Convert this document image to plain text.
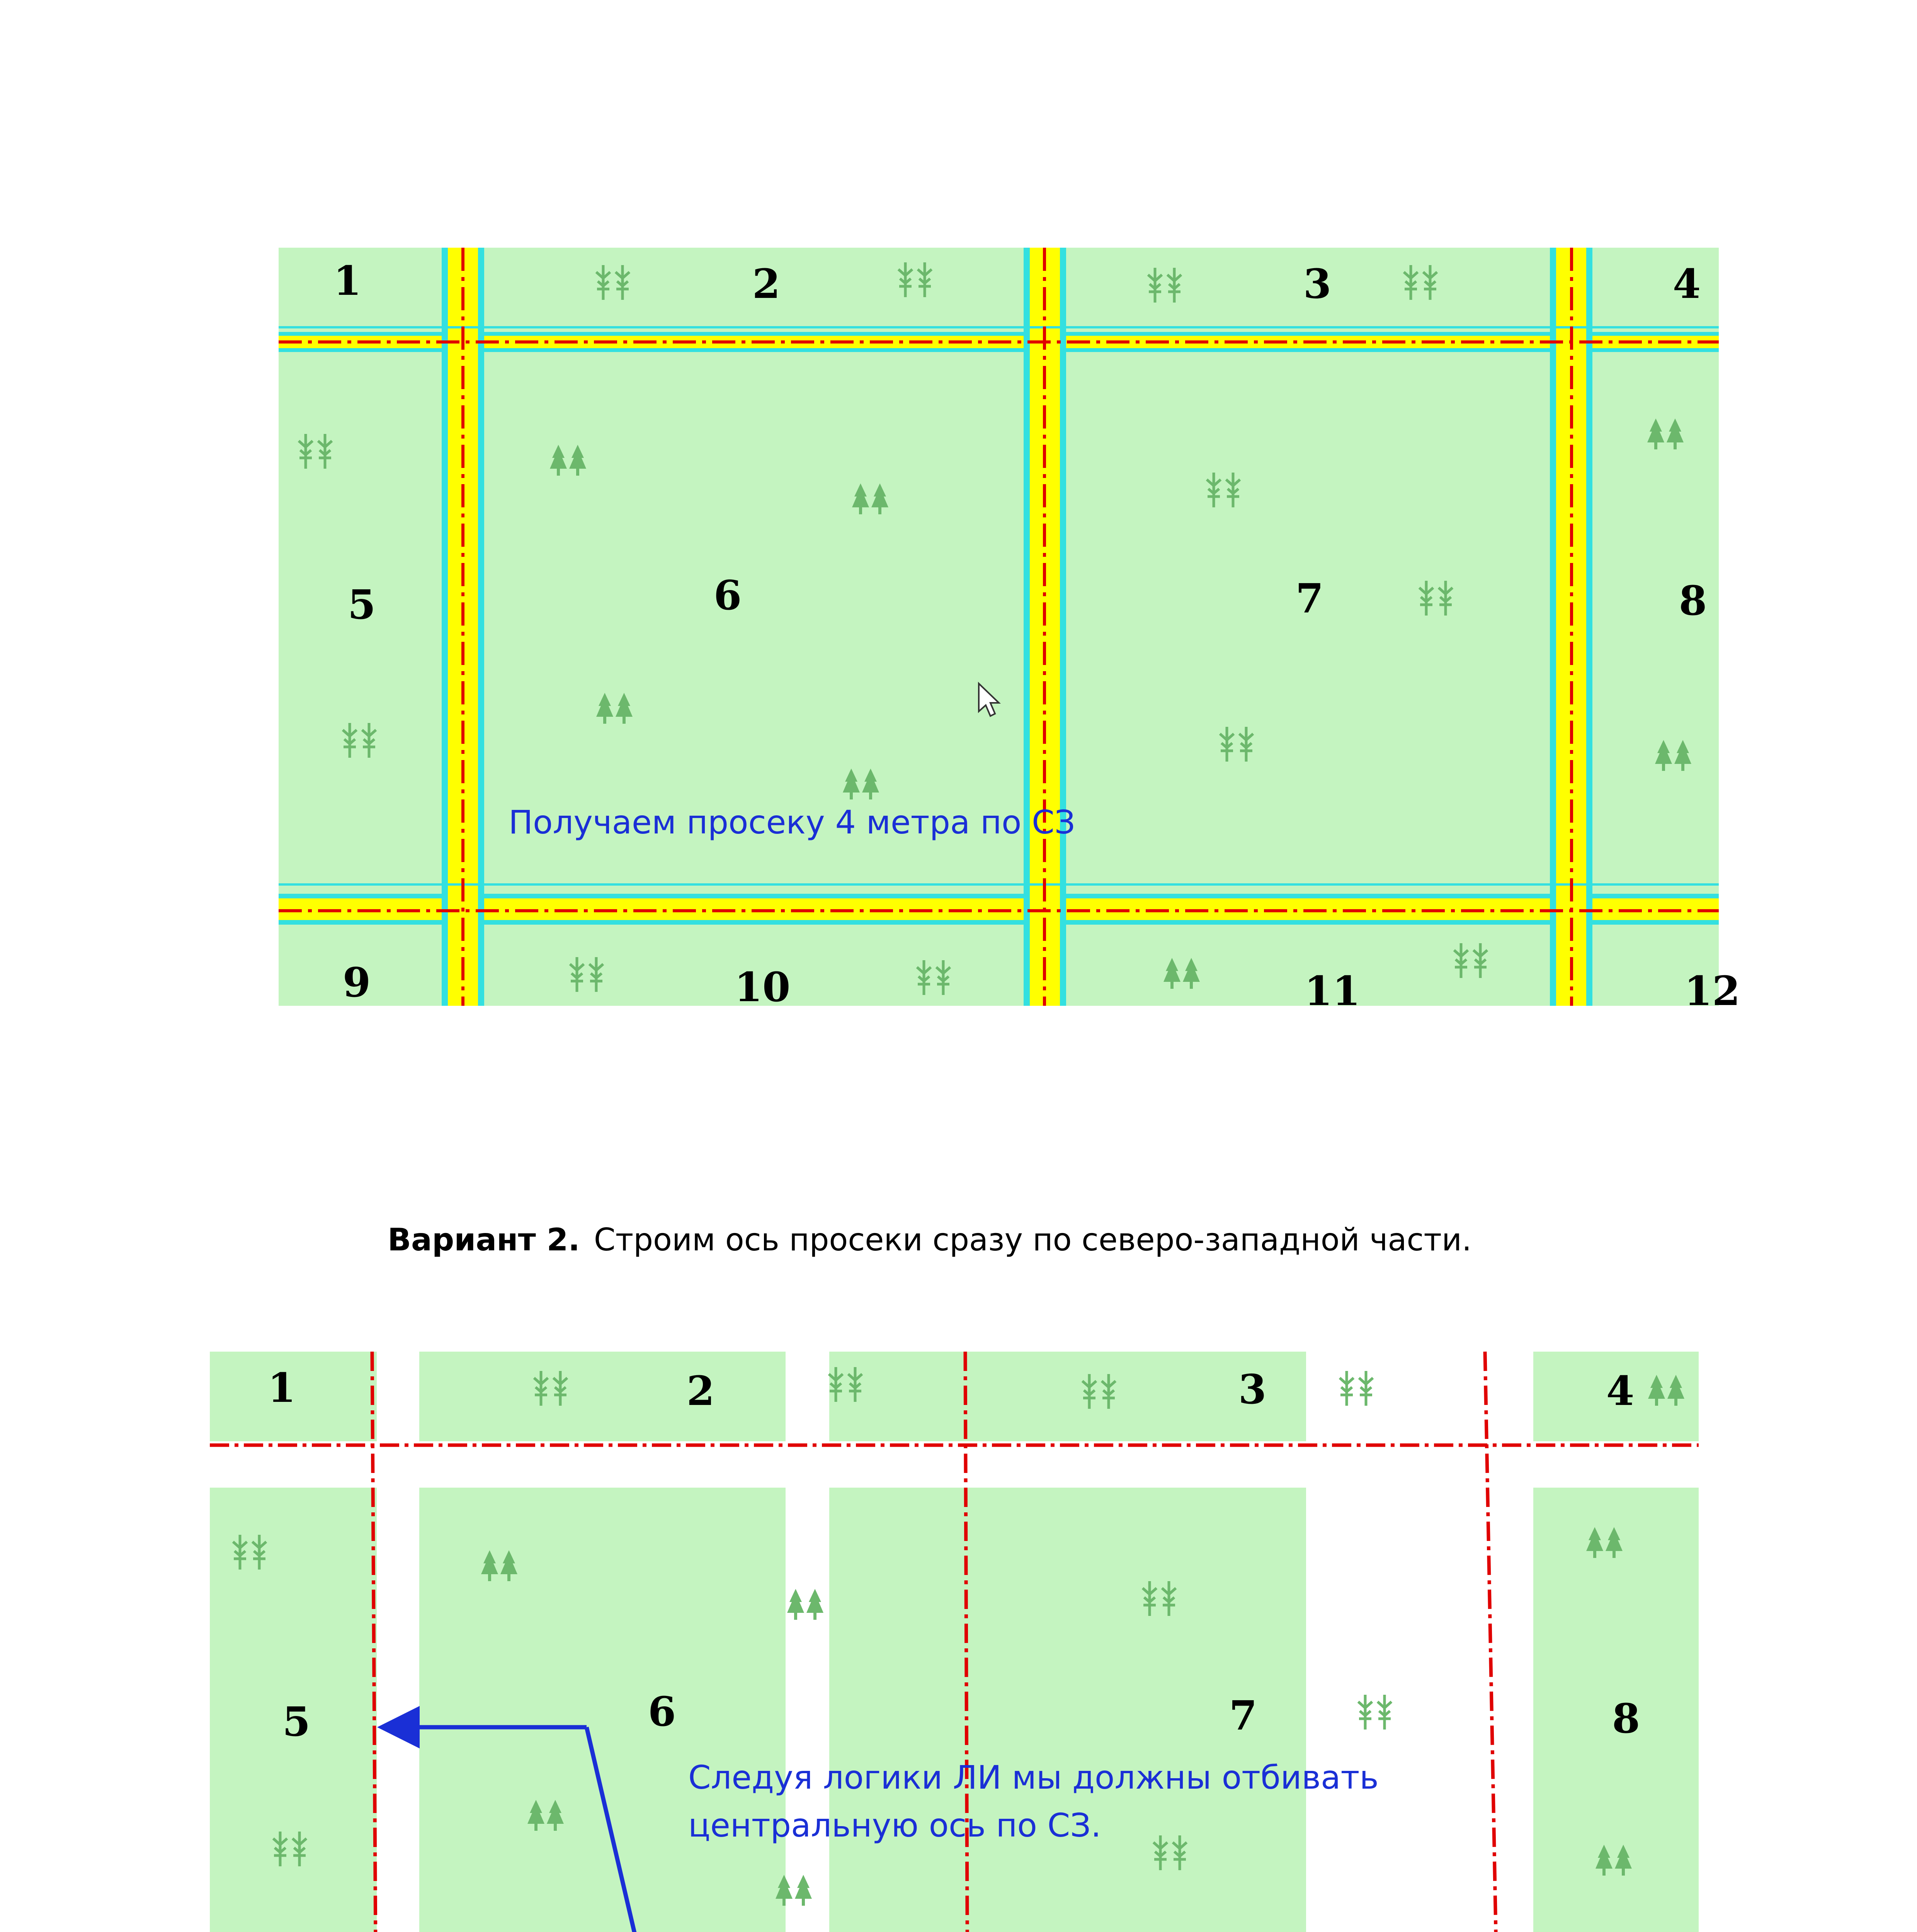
1	2	3	4
5	6	7	8
9	10	11	12
Получаем просеку 4 метра по СЗ
Вариант 2. Строим ось просеки сразу по северо-западной части.
1	2	3	4
5	6	7	8
Следуя логики ЛИ мы должны отбивать
центральную ось по СЗ.
